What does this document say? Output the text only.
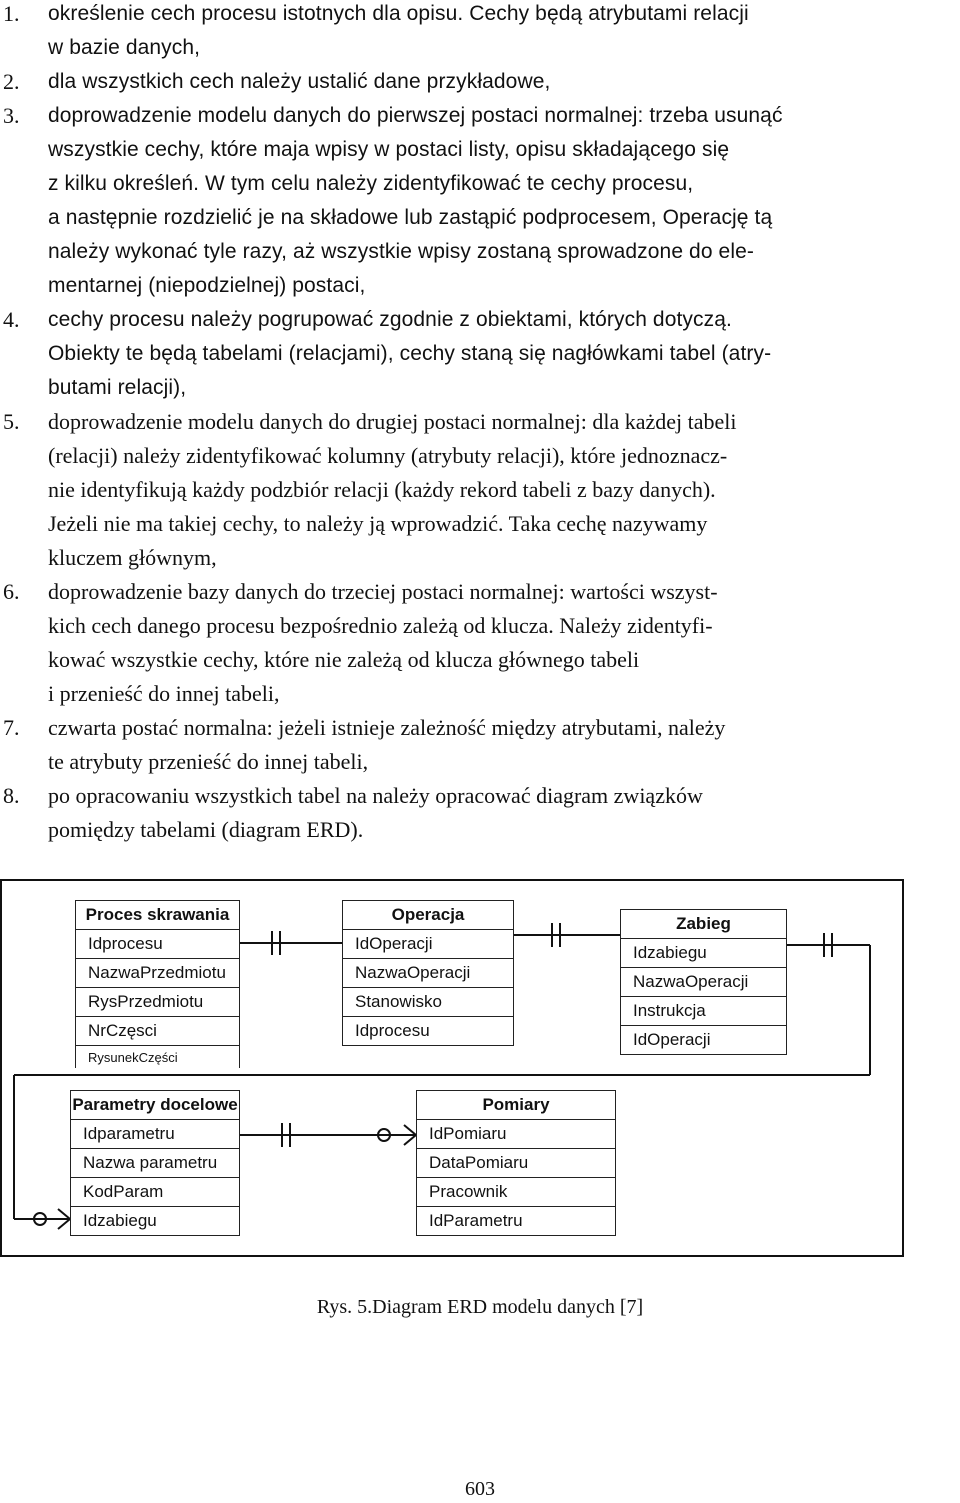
1. określenie cech procesu istotnych dla opisu. Cechy będą atrybutami relacji
w bazie danych,
2. dla wszystkich cech należy ustalić dane przykładowe,
3. doprowadzenie modelu danych do pierwszej postaci normalnej: trzeba usunąć
wszystkie cechy, które maja wpisy w postaci listy, opisu składającego się
z kilku określeń. W tym celu należy zidentyfikować te cechy procesu,
a następnie rozdzielić je na składowe lub zastąpić podprocesem, Operację tą
należy wykonać tyle razy, aż wszystkie wpisy zostaną sprowadzone do ele-
mentarnej (niepodzielnej) postaci,
4. cechy procesu należy pogrupować zgodnie z obiektami, których dotyczą.
Obiekty te będą tabelami (relacjami), cechy staną się nagłówkami tabel (atry-
butami relacji),
5. doprowadzenie modelu danych do drugiej postaci normalnej: dla każdej tabeli
(relacji) należy zidentyfikować kolumny (atrybuty relacji), które jednoznacz-
nie identyfikują każdy podzbiór relacji (każdy rekord tabeli z bazy danych).
Jeżeli nie ma takiej cechy, to należy ją wprowadzić. Taka cechę nazywamy
kluczem głównym,
6. doprowadzenie bazy danych do trzeciej postaci normalnej: wartości wszyst-
kich cech danego procesu bezpośrednio zależą od klucza. Należy zidentyfi-
kować wszystkie cechy, które nie zależą od klucza głównego tabeli
i przenieść do innej tabeli,
7. czwarta postać normalna: jeżeli istnieje zależność między atrybutami, należy
te atrybuty przenieść do innej tabeli,
8. po opracowaniu wszystkich tabel na należy opracować diagram związków
pomiędzy tabelami (diagram ERD).
Proces skrawania
Idprocesu
NazwaPrzedmiotu
RysPrzedmiotu
NrCzęsci
RysunekCzęści
Operacja
IdOperacji
NazwaOperacji
Stanowisko
Idprocesu
Zabieg
Idzabiegu
NazwaOperacji
Instrukcja
IdOperacji
Parametry docelowe
Idparametru
Nazwa parametru
KodParam
Idzabiegu
Pomiary
IdPomiaru
DataPomiaru
Pracownik
IdParametru
Rys. 5.Diagram ERD modelu danych [7]
603
